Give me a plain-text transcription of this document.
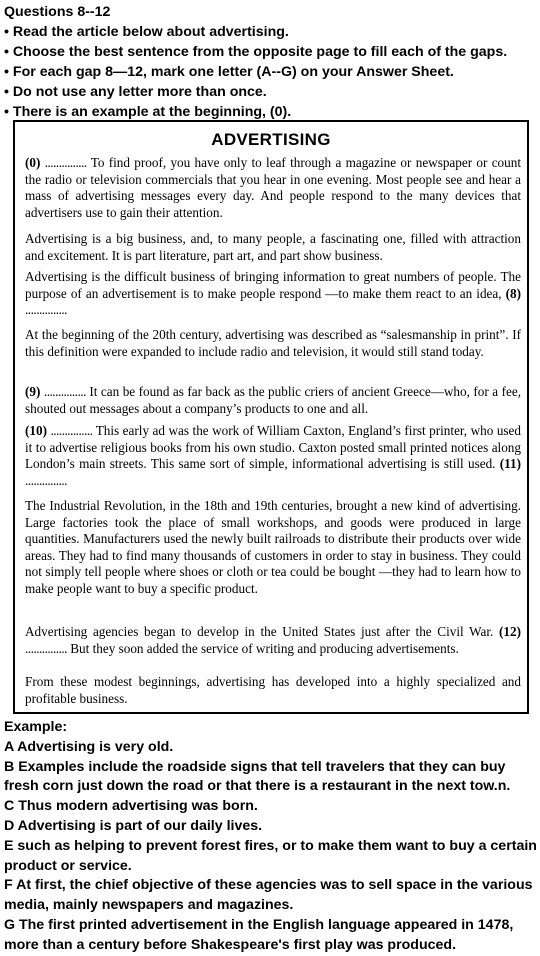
Questions 8--12
• Read the article below about advertising.
• Choose the best sentence from the opposite page to fill each of the gaps.
• For each gap 8—12, mark one letter (A--G) on your Answer Sheet.
• Do not use any letter more than once.
• There is an example at the beginning, (0).
ADVERTISING
(0) ............... To find proof, you have only to leaf through a magazine or newspaper or count the radio or television commercials that you hear in one evening. Most people see and hear a mass of advertising messages every day. And people respond to the many devices that advertisers use to gain their attention.
Advertising is a big business, and, to many people, a fascinating one, filled with attraction and excitement. It is part literature, part art, and part show business.
Advertising is the difficult business of bringing information to great numbers of people. The purpose of an advertisement is to make people respond —to make them react to an idea, (8) ...............
At the beginning of the 20th century, advertising was described as “salesmanship in print”. If this definition were expanded to include radio and television, it would still stand today.
(9) ............... It can be found as far back as the public criers of ancient Greece—who, for a fee, shouted out messages about a company’s products to one and all.
(10) ............... This early ad was the work of William Caxton, England’s first printer, who used it to advertise religious books from his own studio. Caxton posted small printed notices along London’s main streets. This same sort of simple, informational advertising is still used. (11) ...............
The Industrial Revolution, in the 18th and 19th centuries, brought a new kind of advertising. Large factories took the place of small workshops, and goods were produced in large quantities. Manufacturers used the newly built railroads to distribute their products over wide areas. They had to find many thousands of customers in order to stay in business. They could not simply tell people where shoes or cloth or tea could be bought —they had to learn how to make people want to buy a specific product.
Advertising agencies began to develop in the United States just after the Civil War. (12) ............... But they soon added the service of writing and producing advertisements.
From these modest beginnings, advertising has developed into a highly specialized and profitable business.
Example:
A Advertising is very old.
B Examples include the roadside signs that tell travelers that they can buy fresh corn just down the road or that there is a restaurant in the next tow.n.
C Thus modern advertising was born.
D Advertising is part of our daily lives.
E such as helping to prevent forest fires, or to make them want to buy a certain product or service.
F At first, the chief objective of these agencies was to sell space in the various media, mainly newspapers and magazines.
G The first printed advertisement in the English language appeared in 1478, more than a century before Shakespeare's first play was produced.
